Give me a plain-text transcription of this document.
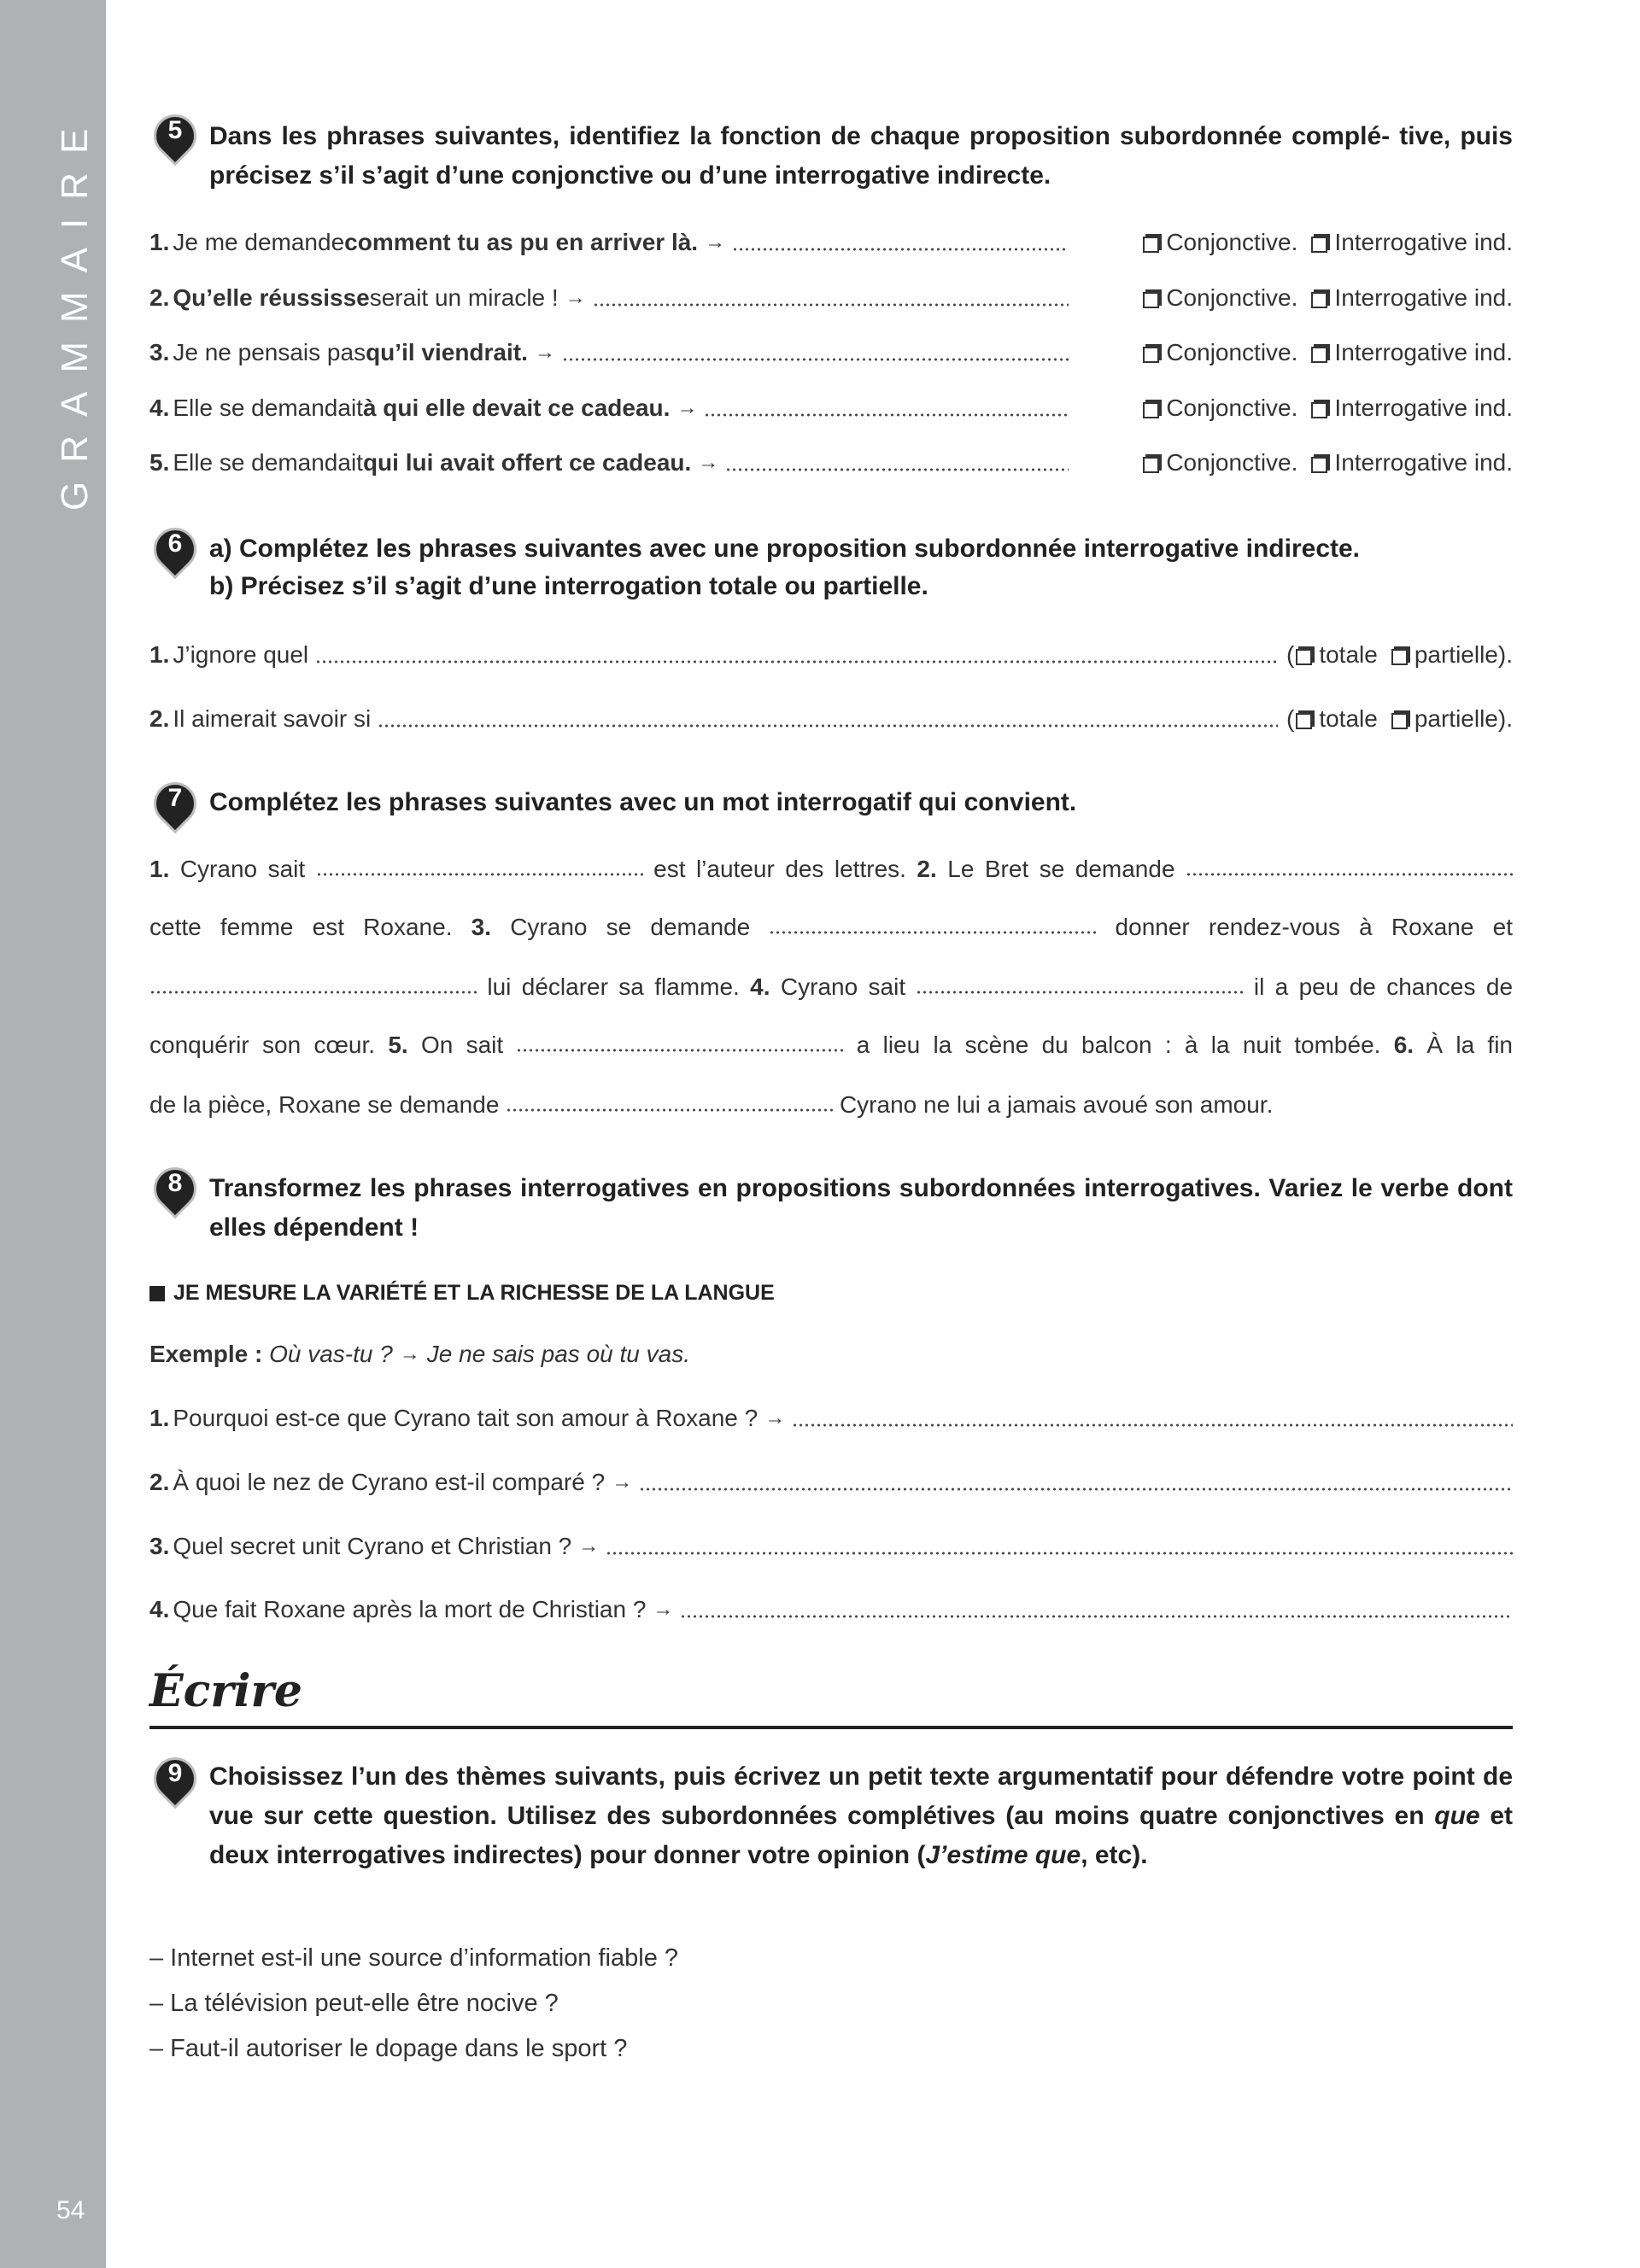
GRAMMAIRE
54
5	Dans les phrases suivantes, identifiez la fonction de chaque proposition subordonnée complé- tive, puis précisez s’il s’agit d’une conjonctive ou d’une interrogative indirecte.
1. Je me demande comment tu as pu en arriver là. →	Conjonctive. Interrogative ind.
2. Qu’elle réussisse serait un miracle ! →	Conjonctive. Interrogative ind.
3. Je ne pensais pas qu’il viendrait. →	Conjonctive. Interrogative ind.
4. Elle se demandait à qui elle devait ce cadeau. →	Conjonctive. Interrogative ind.
5. Elle se demandait qui lui avait offert ce cadeau. →	Conjonctive. Interrogative ind.
6	a) Complétez les phrases suivantes avec une proposition subordonnée interrogative indirecte.
b) Précisez s’il s’agit d’une interrogation totale ou partielle.
1. J’ignore quel	( totale partielle ).
2. Il aimerait savoir si	( totale partielle ).
7	Complétez les phrases suivantes avec un mot interrogatif qui convient.
1. Cyrano sait	est l’auteur des lettres. 2. Le Bret se demande
cette femme est Roxane. 3. Cyrano se demande	donner rendez-vous à Roxane et
lui déclarer sa flamme. 4. Cyrano sait	il a peu de chances de
conquérir son cœur. 5. On sait	a lieu la scène du balcon : à la nuit tombée. 6. À la fin
de la pièce, Roxane se demande	Cyrano ne lui a jamais avoué son amour.
8	Transformez les phrases interrogatives en propositions subordonnées interrogatives. Variez le verbe dont elles dépendent !
JE MESURE LA VARIÉTÉ ET LA RICHESSE DE LA LANGUE
Exemple :
Où vas-tu ? → Je ne sais pas où tu vas.
1. Pourquoi est-ce que Cyrano tait son amour à Roxane ? →
2. À quoi le nez de Cyrano est-il comparé ? →
3. Quel secret unit Cyrano et Christian ? →
4. Que fait Roxane après la mort de Christian ? →
Écrire
9	Choisissez l’un des thèmes suivants, puis écrivez un petit texte argumentatif pour défendre votre point de vue sur cette question. Utilisez des subordonnées complétives (au moins quatre conjonctives en que et deux interrogatives indirectes) pour donner votre opinion (J’estime que, etc).
– Internet est-il une source d’information fiable ?
– La télévision peut-elle être nocive ?
– Faut-il autoriser le dopage dans le sport ?
